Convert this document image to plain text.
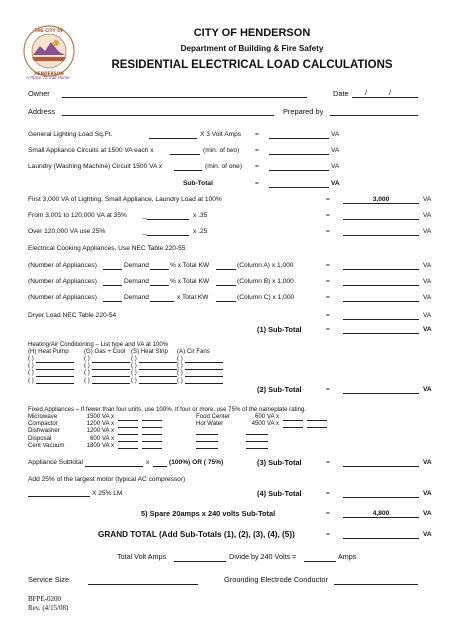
THE CITY OF
HENDERSON
A Place To Call Home
CITY OF HENDERSON
Department of Building & Fire Safety
RESIDENTIAL ELECTRICAL LOAD CALCULATIONS
Owner	Date /	/
Address	Prepared by
General Lighting Load Sq.Ft.	X 3 Volt Amps =	VA
Small Appliance Circuits at 1500 VA each x	(min. of two) =	VA
Laundry (Washing Machine) Circuit 1500 VA x	(min. of one) =	VA
Sub-Total	=	VA
First 3,000 VA of Lighting, Small Appliance, Laundry Load at 100%	=	3,000	VA
From 3,001 to 120,000 VA at 35% _	x .35	=	VA
Over 120,000 VA use 25%	_	x .25	=	VA
Electrical Cooking Appliances, Use NEC Table 220-55
(Number of Appliances)	Demand	% x Total KW	(Column A) x 1,000	=	VA
(Number of Appliances)	Demand	% x Total KW	(Column B) x 1,000	=	VA
(Number of Appliances)	Demand	x Total KW	(Column C) x 1,000	=	VA
Dryer Load NEC Table 220-54	=	VA
(1) Sub-Total	=	VA
Heating/Air Conditioning – List type and VA at 100%
(H) Heat Pump	(G) Gas + Cool (S) Heat Strip (A) Cir Fans
( )	( )	( )	( )
( )	( )	( )	( )
( )	( )	( )	( )
( )	( )	( )	( )
(2) Sub-Total	=	VA
Fixed Appliances – If fewer than four units, use 100%. If four or more, use 75% of the nameplate rating.
Microwave	1500 VA x
Compactor	1200 VA x
Dishwasher	1200 VA x
Disposal	600 VA x
Cent Vacuum	1800 VA x
Food Center	600 VA x
Hot Water	4500 VA x
Appliance Subtotal	x	(100%) OR ( 75%)	(3) Sub-Total	=	VA
Add 25% of the largest motor (typical AC compressor)
X 25% LM	(4) Sub-Total	=	VA
5) Spare 20amps x 240 volts Sub-Total	=	4,800	VA
GRAND TOTAL (Add Sub-Totals (1), (2), (3), (4), (5))	=	VA
Total Volt Amps	Divide by 240 Volts =	Amps
Service Size	Grounding Electrode Conductor
BFPE-0200
Rev. (4/15/08)
